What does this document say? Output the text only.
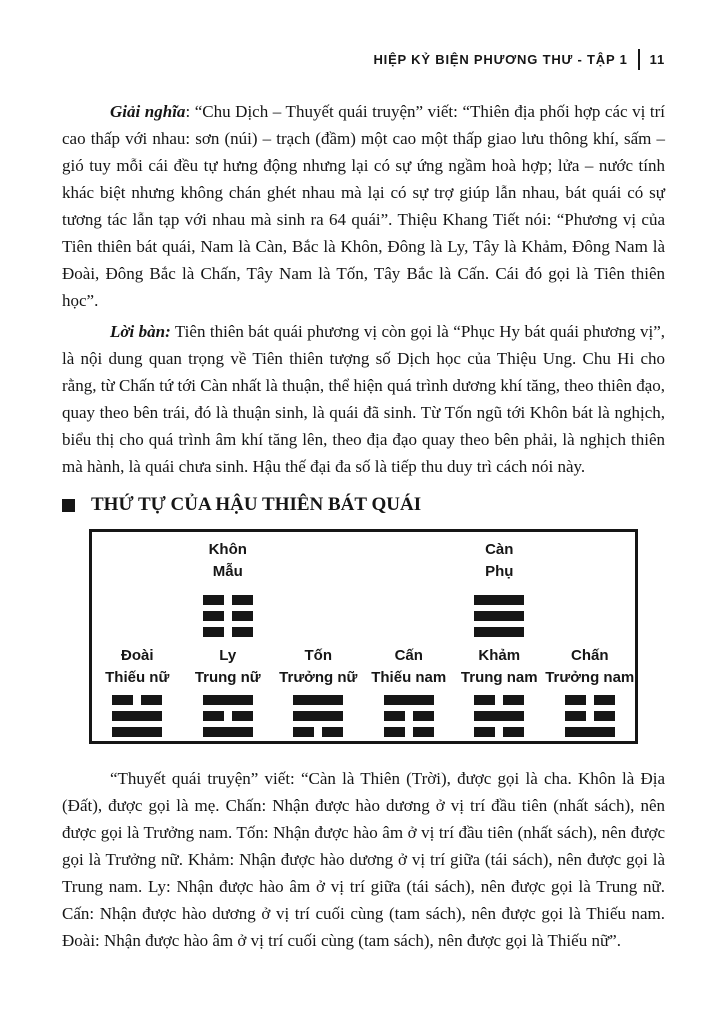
HIỆP KỶ BIỆN PHƯƠNG THƯ - TẬP 1 11

Giải nghĩa: “Chu Dịch – Thuyết quái truyện” viết: “Thiên địa phối hợp các vị trí cao thấp với nhau: sơn (núi) – trạch (đầm) một cao một thấp giao lưu thông khí, sấm – gió tuy mỗi cái đều tự hưng động nhưng lại có sự ứng ngầm hoà hợp; lửa – nước tính khác biệt nhưng không chán ghét nhau mà lại có sự trợ giúp lẫn nhau, bát quái có sự tương tác lẫn tạp với nhau mà sinh ra 64 quái”. Thiệu Khang Tiết nói: “Phương vị của Tiên thiên bát quái, Nam là Càn, Bắc là Khôn, Đông là Ly, Tây là Khảm, Đông Nam là Đoài, Đông Bắc là Chấn, Tây Nam là Tốn, Tây Bắc là Cấn. Cái đó gọi là Tiên thiên học”.

Lời bàn: Tiên thiên bát quái phương vị còn gọi là “Phục Hy bát quái phương vị”, là nội dung quan trọng về Tiên thiên tượng số Dịch học của Thiệu Ung. Chu Hi cho rằng, từ Chấn tứ tới Càn nhất là thuận, thể hiện quá trình dương khí tăng, theo thiên đạo, quay theo bên trái, đó là thuận sinh, là quái đã sinh. Từ Tốn ngũ tới Khôn bát là nghịch, biểu thị cho quá trình âm khí tăng lên, theo địa đạo quay theo bên phải, là nghịch thiên mà hành, là quái chưa sinh. Hậu thế đại đa số là tiếp thu duy trì cách nói này.

THỨ TỰ CỦA HẬU THIÊN BÁT QUÁI
Khôn
Mẫu
Càn
Phụ
Đoài
Thiếu nữ
Ly
Trung nữ
Tốn
Trưởng nữ
Cấn
Thiếu nam
Khảm
Trung nam
Chấn
Trưởng nam

“Thuyết quái truyện” viết: “Càn là Thiên (Trời), được gọi là cha. Khôn là Địa (Đất), được gọi là mẹ. Chấn: Nhận được hào dương ở vị trí đầu tiên (nhất sách), nên được gọi là Trưởng nam. Tốn: Nhận được hào âm ở vị trí đầu tiên (nhất sách), nên được gọi là Trưởng nữ. Khảm: Nhận được hào dương ở vị trí giữa (tái sách), nên được gọi là Trung nam. Ly: Nhận được hào âm ở vị trí giữa (tái sách), nên được gọi là Trung nữ. Cấn: Nhận được hào dương ở vị trí cuối cùng (tam sách), nên được gọi là Thiếu nam. Đoài: Nhận được hào âm ở vị trí cuối cùng (tam sách), nên được gọi là Thiếu nữ”.
